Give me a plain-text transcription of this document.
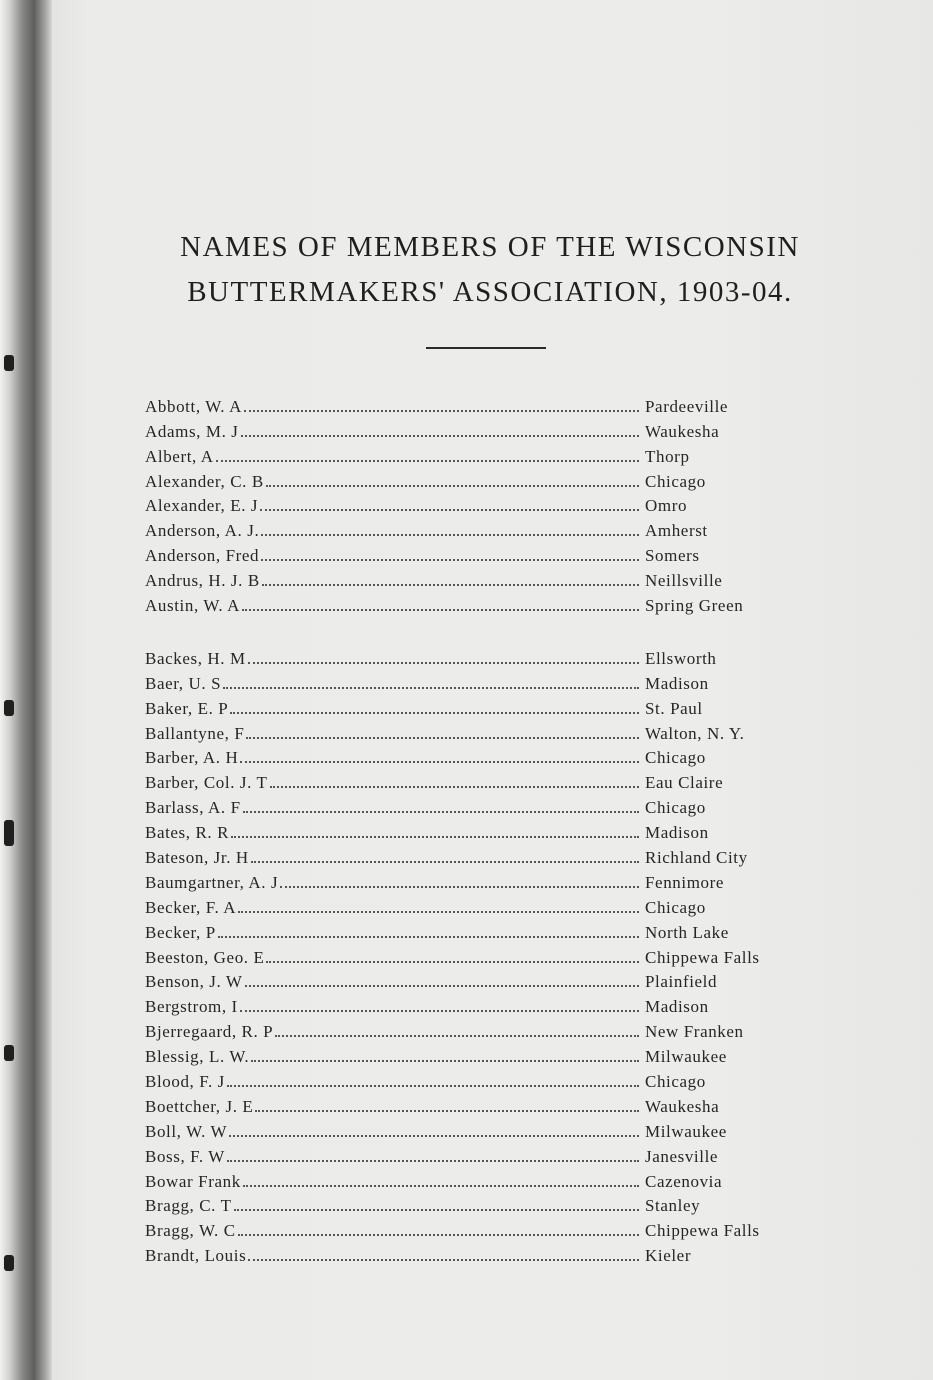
NAMES OF MEMBERS OF THE WISCONSIN
BUTTERMAKERS' ASSOCIATION, 1903-04.
Abbott, W. A	Pardeeville
Adams, M. J	Waukesha
Albert, A	Thorp
Alexander, C. B	Chicago
Alexander, E. J	Omro
Anderson, A. J.	Amherst
Anderson, Fred	Somers
Andrus, H. J. B	Neillsville
Austin, W. A	Spring Green
Backes, H. M	Ellsworth
Baer, U. S	Madison
Baker, E. P	St. Paul
Ballantyne, F	Walton, N. Y.
Barber, A. H	Chicago
Barber, Col. J. T	Eau Claire
Barlass, A. F	Chicago
Bates, R. R	Madison
Bateson, Jr. H	Richland City
Baumgartner, A. J	Fennimore
Becker, F. A	Chicago
Becker, P	North Lake
Beeston, Geo. E	Chippewa Falls
Benson, J. W	Plainfield
Bergstrom, I	Madison
Bjerregaard, R. P	New Franken
Blessig, L. W.	Milwaukee
Blood, F. J	Chicago
Boettcher, J. E	Waukesha
Boll, W. W	Milwaukee
Boss, F. W	Janesville
Bowar Frank	Cazenovia
Bragg, C. T	Stanley
Bragg, W. C	Chippewa Falls
Brandt, Louis	Kieler
